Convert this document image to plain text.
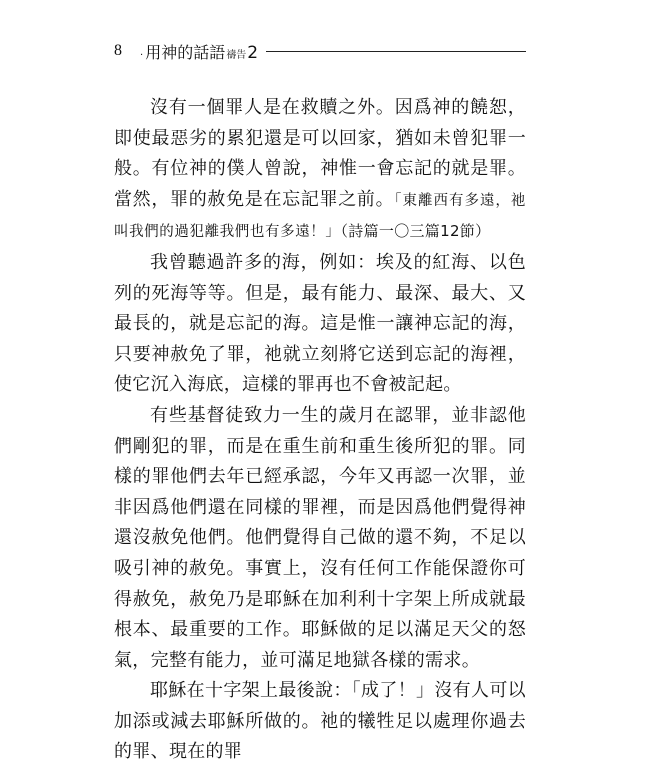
8	· 用神的話語 禱告 2

沒有一個罪人是在救贖之外。因爲神的饒恕，即使最惡劣的累犯還是可以回家，猶如未曾犯罪一般。有位神的僕人曾說，神惟一會忘記的就是罪。當然，罪的赦免是在忘記罪之前。「東離西有多遠，祂叫我們的過犯離我們也有多遠！」（詩篇一〇三篇12節）

我曾聽過許多的海，例如：埃及的紅海、以色列的死海等等。但是，最有能力、最深、最大、又最長的，就是忘記的海。這是惟一讓神忘記的海，只要神赦免了罪，祂就立刻將它送到忘記的海裡，使它沉入海底，這樣的罪再也不會被記起。

有些基督徒致力一生的歲月在認罪，並非認他們剛犯的罪，而是在重生前和重生後所犯的罪。同樣的罪他們去年已經承認，今年又再認一次罪，並非因爲他們還在同樣的罪裡，而是因爲他們覺得神還沒赦免他們。他們覺得自己做的還不夠，不足以吸引神的赦免。事實上，沒有任何工作能保證你可得赦免，赦免乃是耶穌在加利利十字架上所成就最根本、最重要的工作。耶穌做的足以滿足天父的怒氣，完整有能力，並可滿足地獄各樣的需求。

耶穌在十字架上最後說：「成了！」沒有人可以加添或減去耶穌所做的。祂的犧牲足以處理你過去的罪、現在的罪
